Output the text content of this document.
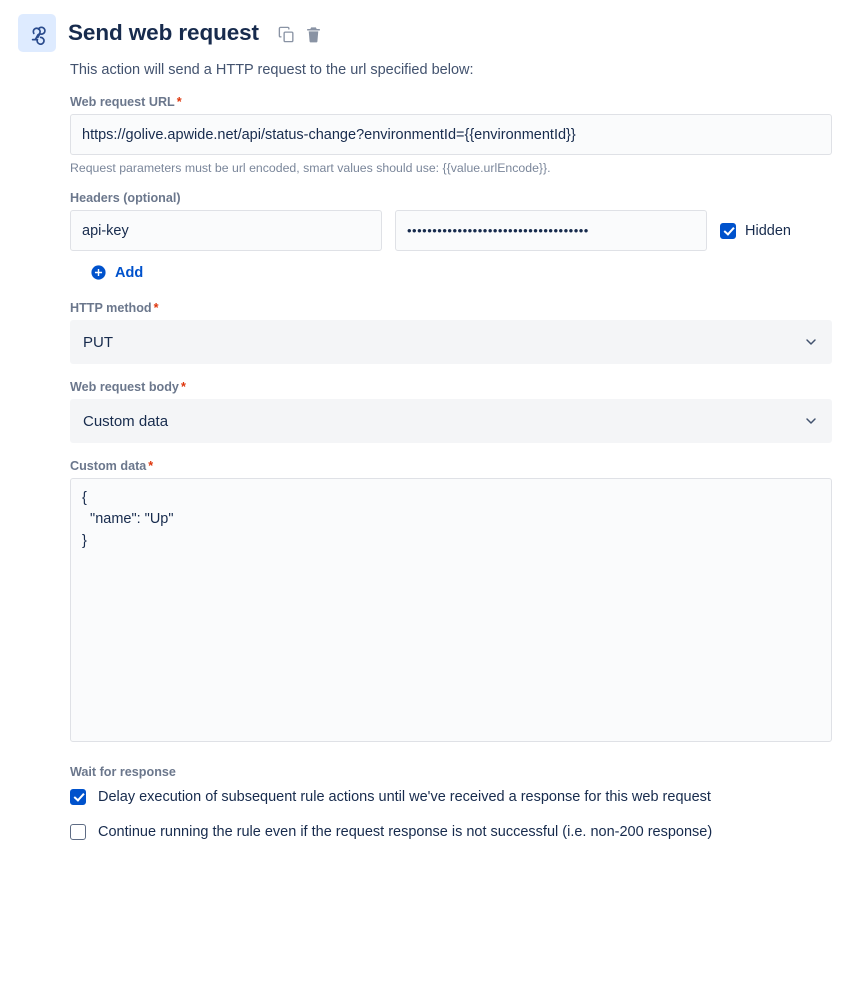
Send web request
This action will send a HTTP request to the url specified below:
Web request URL *
https://golive.apwide.net/api/status-change?environmentId={{environmentId}}
Request parameters must be url encoded, smart values should use: {{value.urlEncode}}.
Headers (optional)
api-key
••••••••••••••••••••••••••••••••••••
Hidden
Add
HTTP method *
PUT
Web request body *
Custom data
Custom data *
{ "name": "Up" }
Wait for response
Delay execution of subsequent rule actions until we've received a response for this web request
Continue running the rule even if the request response is not successful (i.e. non-200 response)
